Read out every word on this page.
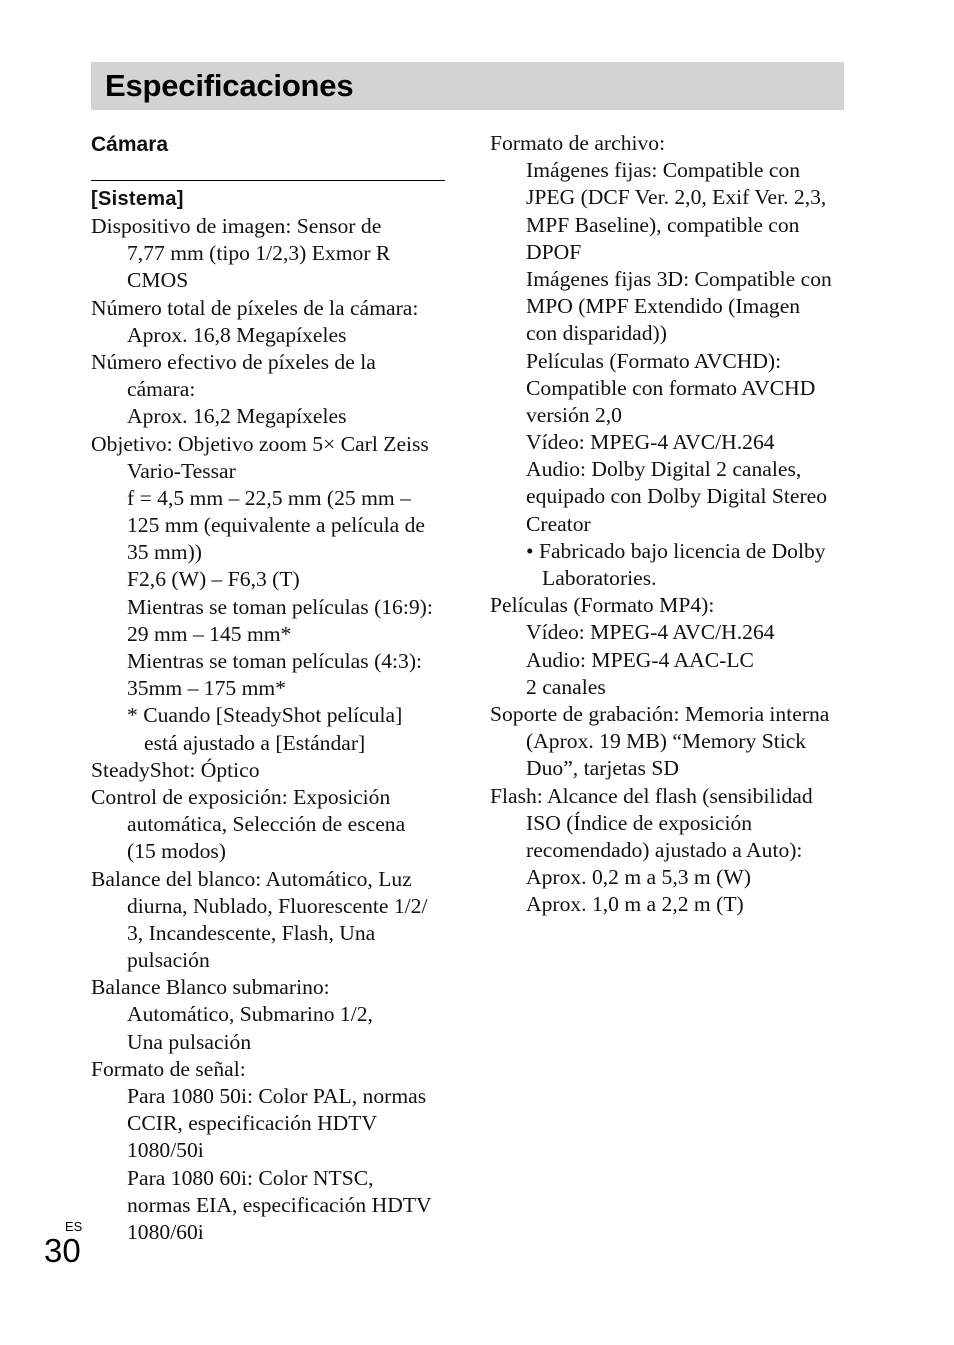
Especificaciones
Cámara
[Sistema]
Dispositivo de imagen: Sensor de
7,77 mm (tipo 1/2,3) Exmor R
CMOS
Número total de píxeles de la cámara:
Aprox. 16,8 Megapíxeles
Número efectivo de píxeles de la
cámara:
Aprox. 16,2 Megapíxeles
Objetivo: Objetivo zoom 5× Carl Zeiss
Vario-Tessar
f = 4,5 mm – 22,5 mm (25 mm –
125 mm (equivalente a película de
35 mm))
F2,6 (W) – F6,3 (T)
Mientras se toman películas (16:9):
29 mm – 145 mm*
Mientras se toman películas (4:3):
35mm – 175 mm*
* Cuando [SteadyShot película]
está ajustado a [Estándar]
SteadyShot: Óptico
Control de exposición: Exposición
automática, Selección de escena
(15 modos)
Balance del blanco: Automático, Luz
diurna, Nublado, Fluorescente 1/2/
3, Incandescente, Flash, Una
pulsación
Balance Blanco submarino:
Automático, Submarino 1/2,
Una pulsación
Formato de señal:
Para 1080 50i: Color PAL, normas
CCIR, especificación HDTV
1080/50i
Para 1080 60i: Color NTSC,
normas EIA, especificación HDTV
1080/60i
Formato de archivo:
Imágenes fijas: Compatible con
JPEG (DCF Ver. 2,0, Exif Ver. 2,3,
MPF Baseline), compatible con
DPOF
Imágenes fijas 3D: Compatible con
MPO (MPF Extendido (Imagen
con disparidad))
Películas (Formato AVCHD):
Compatible con formato AVCHD
versión 2,0
Vídeo: MPEG-4 AVC/H.264
Audio: Dolby Digital 2 canales,
equipado con Dolby Digital Stereo
Creator
• Fabricado bajo licencia de Dolby
Laboratories.
Películas (Formato MP4):
Vídeo: MPEG-4 AVC/H.264
Audio: MPEG-4 AAC-LC
2 canales
Soporte de grabación: Memoria interna
(Aprox. 19 MB) “Memory Stick
Duo”, tarjetas SD
Flash: Alcance del flash (sensibilidad
ISO (Índice de exposición
recomendado) ajustado a Auto):
Aprox. 0,2 m a 5,3 m (W)
Aprox. 1,0 m a 2,2 m (T)
ES
30
